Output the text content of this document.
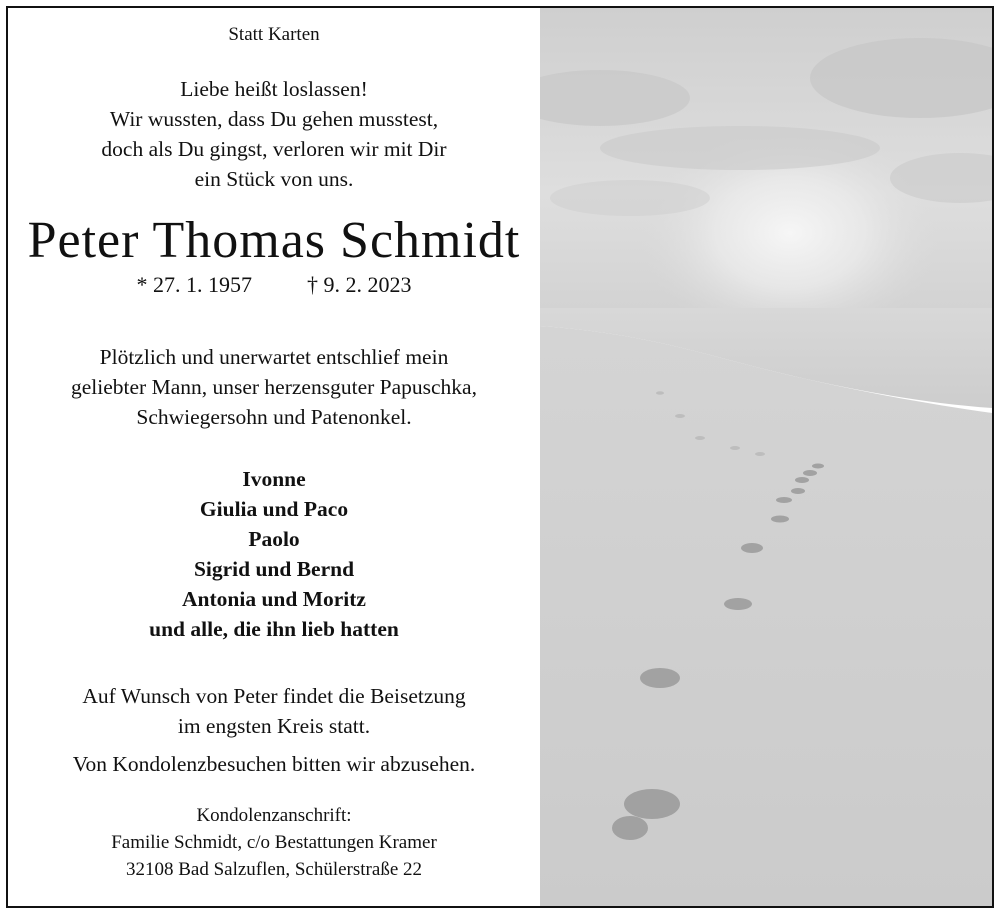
Statt Karten
Liebe heißt loslassen!
Wir wussten, dass Du gehen musstest,
doch als Du gingst, verloren wir mit Dir
ein Stück von uns.
Peter Thomas Schmidt
* 27. 1. 1957	† 9. 2. 2023
Plötzlich und unerwartet entschlief mein
geliebter Mann, unser herzensguter Papuschka,
Schwiegersohn und Patenonkel.
Ivonne
Giulia und Paco
Paolo
Sigrid und Bernd
Antonia und Moritz
und alle, die ihn lieb hatten
Auf Wunsch von Peter findet die Beisetzung
im engsten Kreis statt.
Von Kondolenzbesuchen bitten wir abzusehen.
Kondolenzanschrift:
Familie Schmidt, c/o Bestattungen Kramer
32108 Bad Salzuflen, Schülerstraße 22
